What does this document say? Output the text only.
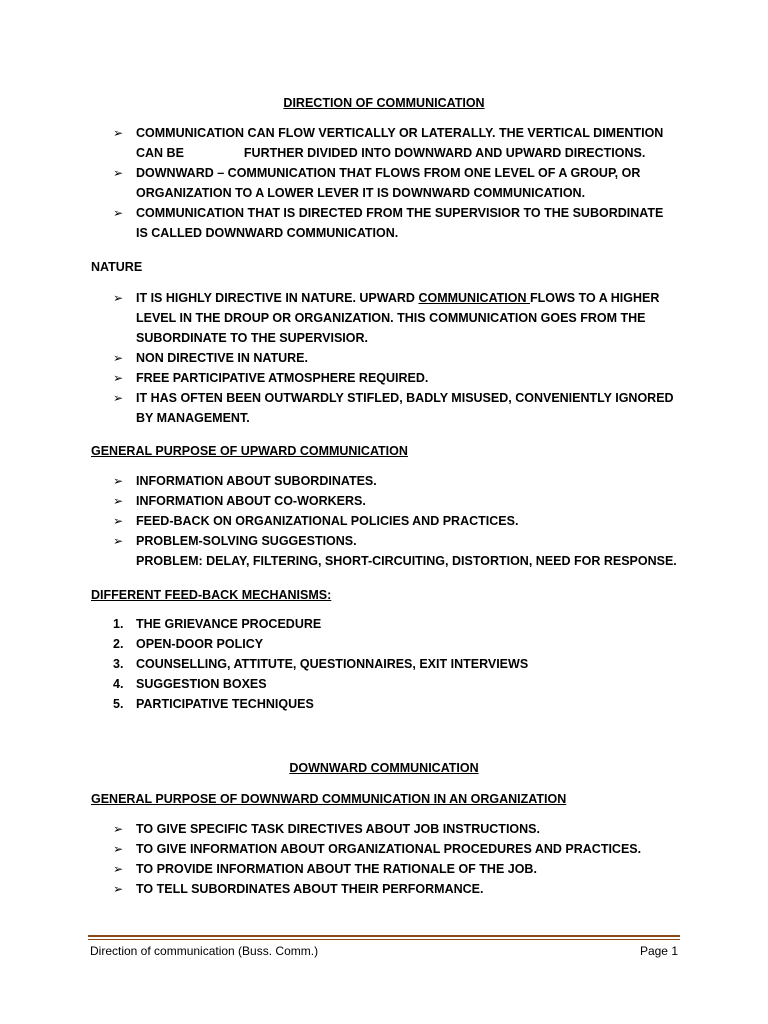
DIRECTION OF COMMUNICATION
➢	COMMUNICATION CAN FLOW VERTICALLY OR LATERALLY. THE VERTICAL DIMENTION
CAN BE	FURTHER DIVIDED INTO DOWNWARD AND UPWARD DIRECTIONS.
➢	DOWNWARD – COMMUNICATION THAT FLOWS FROM ONE LEVEL OF A GROUP, OR
ORGANIZATION TO A LOWER LEVER IT IS DOWNWARD COMMUNICATION.
➢	COMMUNICATION THAT IS DIRECTED FROM THE SUPERVISIOR TO THE SUBORDINATE
IS CALLED DOWNWARD COMMUNICATION.
NATURE
➢	IT IS HIGHLY DIRECTIVE IN NATURE. UPWARD COMMUNICATION FLOWS TO A HIGHER
LEVEL IN THE DROUP OR ORGANIZATION. THIS COMMUNICATION GOES FROM THE
SUBORDINATE TO THE SUPERVISIOR.
➢	NON DIRECTIVE IN NATURE.
➢	FREE PARTICIPATIVE ATMOSPHERE REQUIRED.
➢	IT HAS OFTEN BEEN OUTWARDLY STIFLED, BADLY MISUSED, CONVENIENTLY IGNORED
BY MANAGEMENT.
GENERAL PURPOSE OF UPWARD COMMUNICATION
➢	INFORMATION ABOUT SUBORDINATES.
➢	INFORMATION ABOUT CO-WORKERS.
➢	FEED-BACK ON ORGANIZATIONAL POLICIES AND PRACTICES.
➢	PROBLEM-SOLVING SUGGESTIONS.
PROBLEM: DELAY, FILTERING, SHORT-CIRCUITING, DISTORTION, NEED FOR RESPONSE.
DIFFERENT FEED-BACK MECHANISMS:
1.	THE GRIEVANCE PROCEDURE
2.	OPEN-DOOR POLICY
3.	COUNSELLING, ATTITUTE, QUESTIONNAIRES, EXIT INTERVIEWS
4.	SUGGESTION BOXES
5.	PARTICIPATIVE TECHNIQUES
DOWNWARD COMMUNICATION
GENERAL PURPOSE OF DOWNWARD COMMUNICATION IN AN ORGANIZATION
➢	TO GIVE SPECIFIC TASK DIRECTIVES ABOUT JOB INSTRUCTIONS.
➢	TO GIVE INFORMATION ABOUT ORGANIZATIONAL PROCEDURES AND PRACTICES.
➢	TO PROVIDE INFORMATION ABOUT THE RATIONALE OF THE JOB.
➢	TO TELL SUBORDINATES ABOUT THEIR PERFORMANCE.
Direction of communication (Buss. Comm.)	Page 1
